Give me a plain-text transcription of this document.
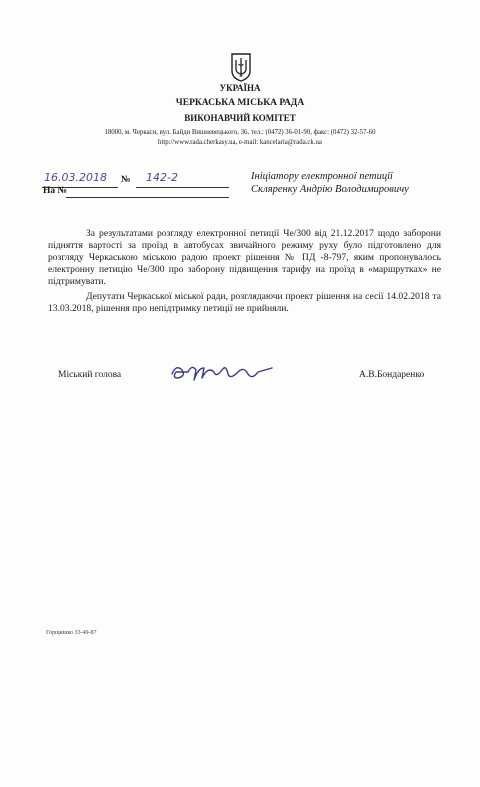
УКРАЇНА
ЧЕРКАСЬКА МІСЬКА РАДА
ВИКОНАВЧИЙ КОМІТЕТ
18000, м. Черкаси, вул. Байди Вишневецького, 36, тел.: (0472) 36-01-90, факс: (0472) 32-57-60
http://www.rada.cherkasy.ua, e-mail: kancelaria@rada.ck.ua
16.03.2018 № 142-2
На №
Ініціатору електронної петиції
Скляренку Андрію Володимировичу

За результатами розгляду електронної петиції Че/300 від 21.12.2017 щодо заборони підняття вартості за проїзд в автобусах звичайного режиму руху було підготовлено для розгляду Черкаською міською радою проект рішення № ПД -8-797, яким пропонувалось електронну петицію Че/300 про заборону підвищення тарифу на проїзд в «маршрутках» не підтримувати.

Депутати Черкаської міської ради, розглядаючи проект рішення на сесії 14.02.2018 та 13.03.2018, рішення про непідтримку петиції не прийняли.

Міський голова	А.В.Бондаренко
Горщишко 33-49-87
